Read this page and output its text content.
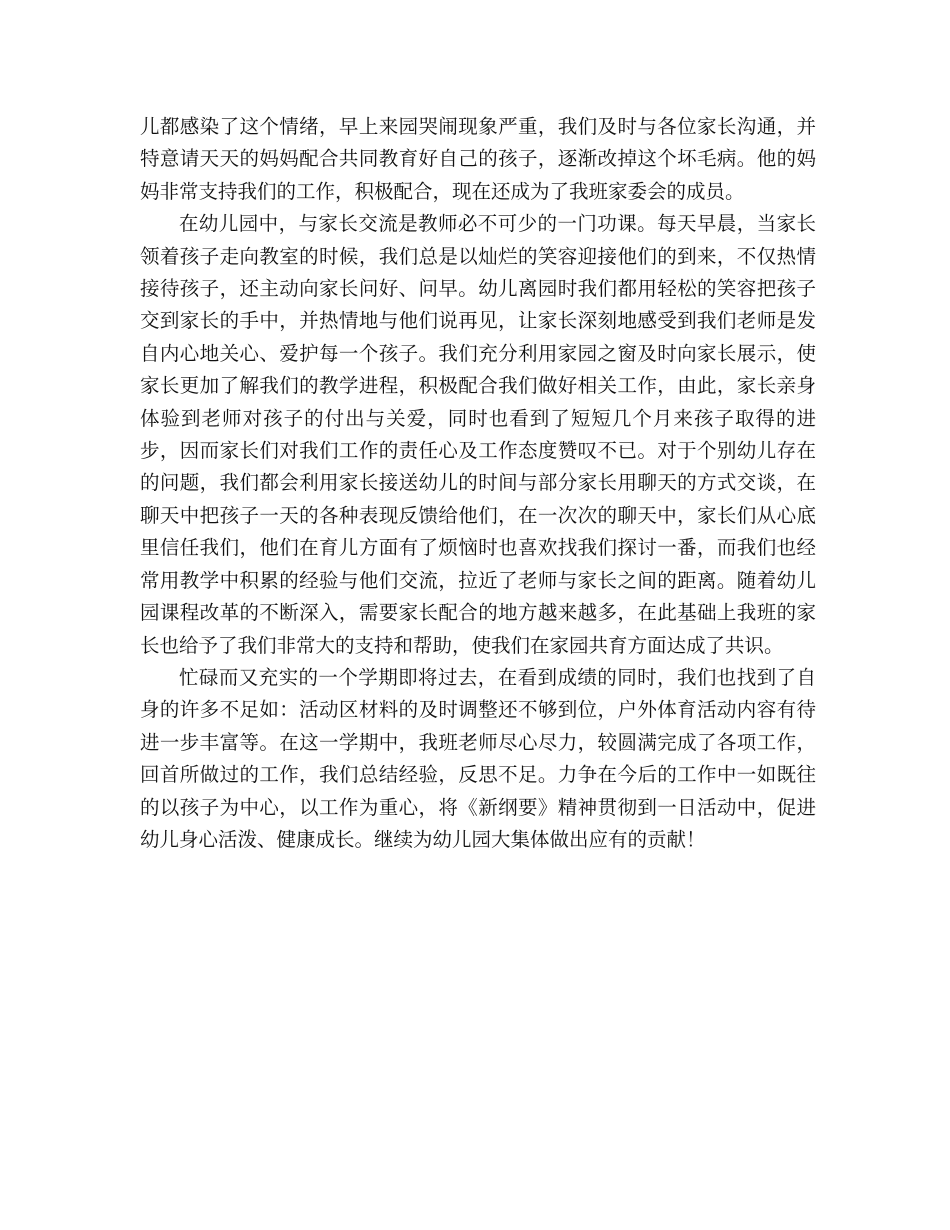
儿都感染了这个情绪，早上来园哭闹现象严重，我们及时与各位家长沟通，并特意请天天的妈妈配合共同教育好自己的孩子，逐渐改掉这个坏毛病。他的妈妈非常支持我们的工作，积极配合，现在还成为了我班家委会的成员。

在幼儿园中，与家长交流是教师必不可少的一门功课。每天早晨，当家长领着孩子走向教室的时候，我们总是以灿烂的笑容迎接他们的到来，不仅热情接待孩子，还主动向家长问好、问早。幼儿离园时我们都用轻松的笑容把孩子交到家长的手中，并热情地与他们说再见，让家长深刻地感受到我们老师是发自内心地关心、爱护每一个孩子。我们充分利用家园之窗及时向家长展示，使家长更加了解我们的教学进程，积极配合我们做好相关工作，由此，家长亲身体验到老师对孩子的付出与关爱，同时也看到了短短几个月来孩子取得的进步，因而家长们对我们工作的责任心及工作态度赞叹不已。对于个别幼儿存在的问题，我们都会利用家长接送幼儿的时间与部分家长用聊天的方式交谈，在聊天中把孩子一天的各种表现反馈给他们，在一次次的聊天中，家长们从心底里信任我们，他们在育儿方面有了烦恼时也喜欢找我们探讨一番，而我们也经常用教学中积累的经验与他们交流，拉近了老师与家长之间的距离。随着幼儿园课程改革的不断深入，需要家长配合的地方越来越多，在此基础上我班的家长也给予了我们非常大的支持和帮助，使我们在家园共育方面达成了共识。

忙碌而又充实的一个学期即将过去，在看到成绩的同时，我们也找到了自身的许多不足如：活动区材料的及时调整还不够到位，户外体育活动内容有待进一步丰富等。在这一学期中，我班老师尽心尽力，较圆满完成了各项工作，回首所做过的工作，我们总结经验，反思不足。力争在今后的工作中一如既往的以孩子为中心，以工作为重心，将《新纲要》精神贯彻到一日活动中，促进幼儿身心活泼、健康成长。继续为幼儿园大集体做出应有的贡献！
